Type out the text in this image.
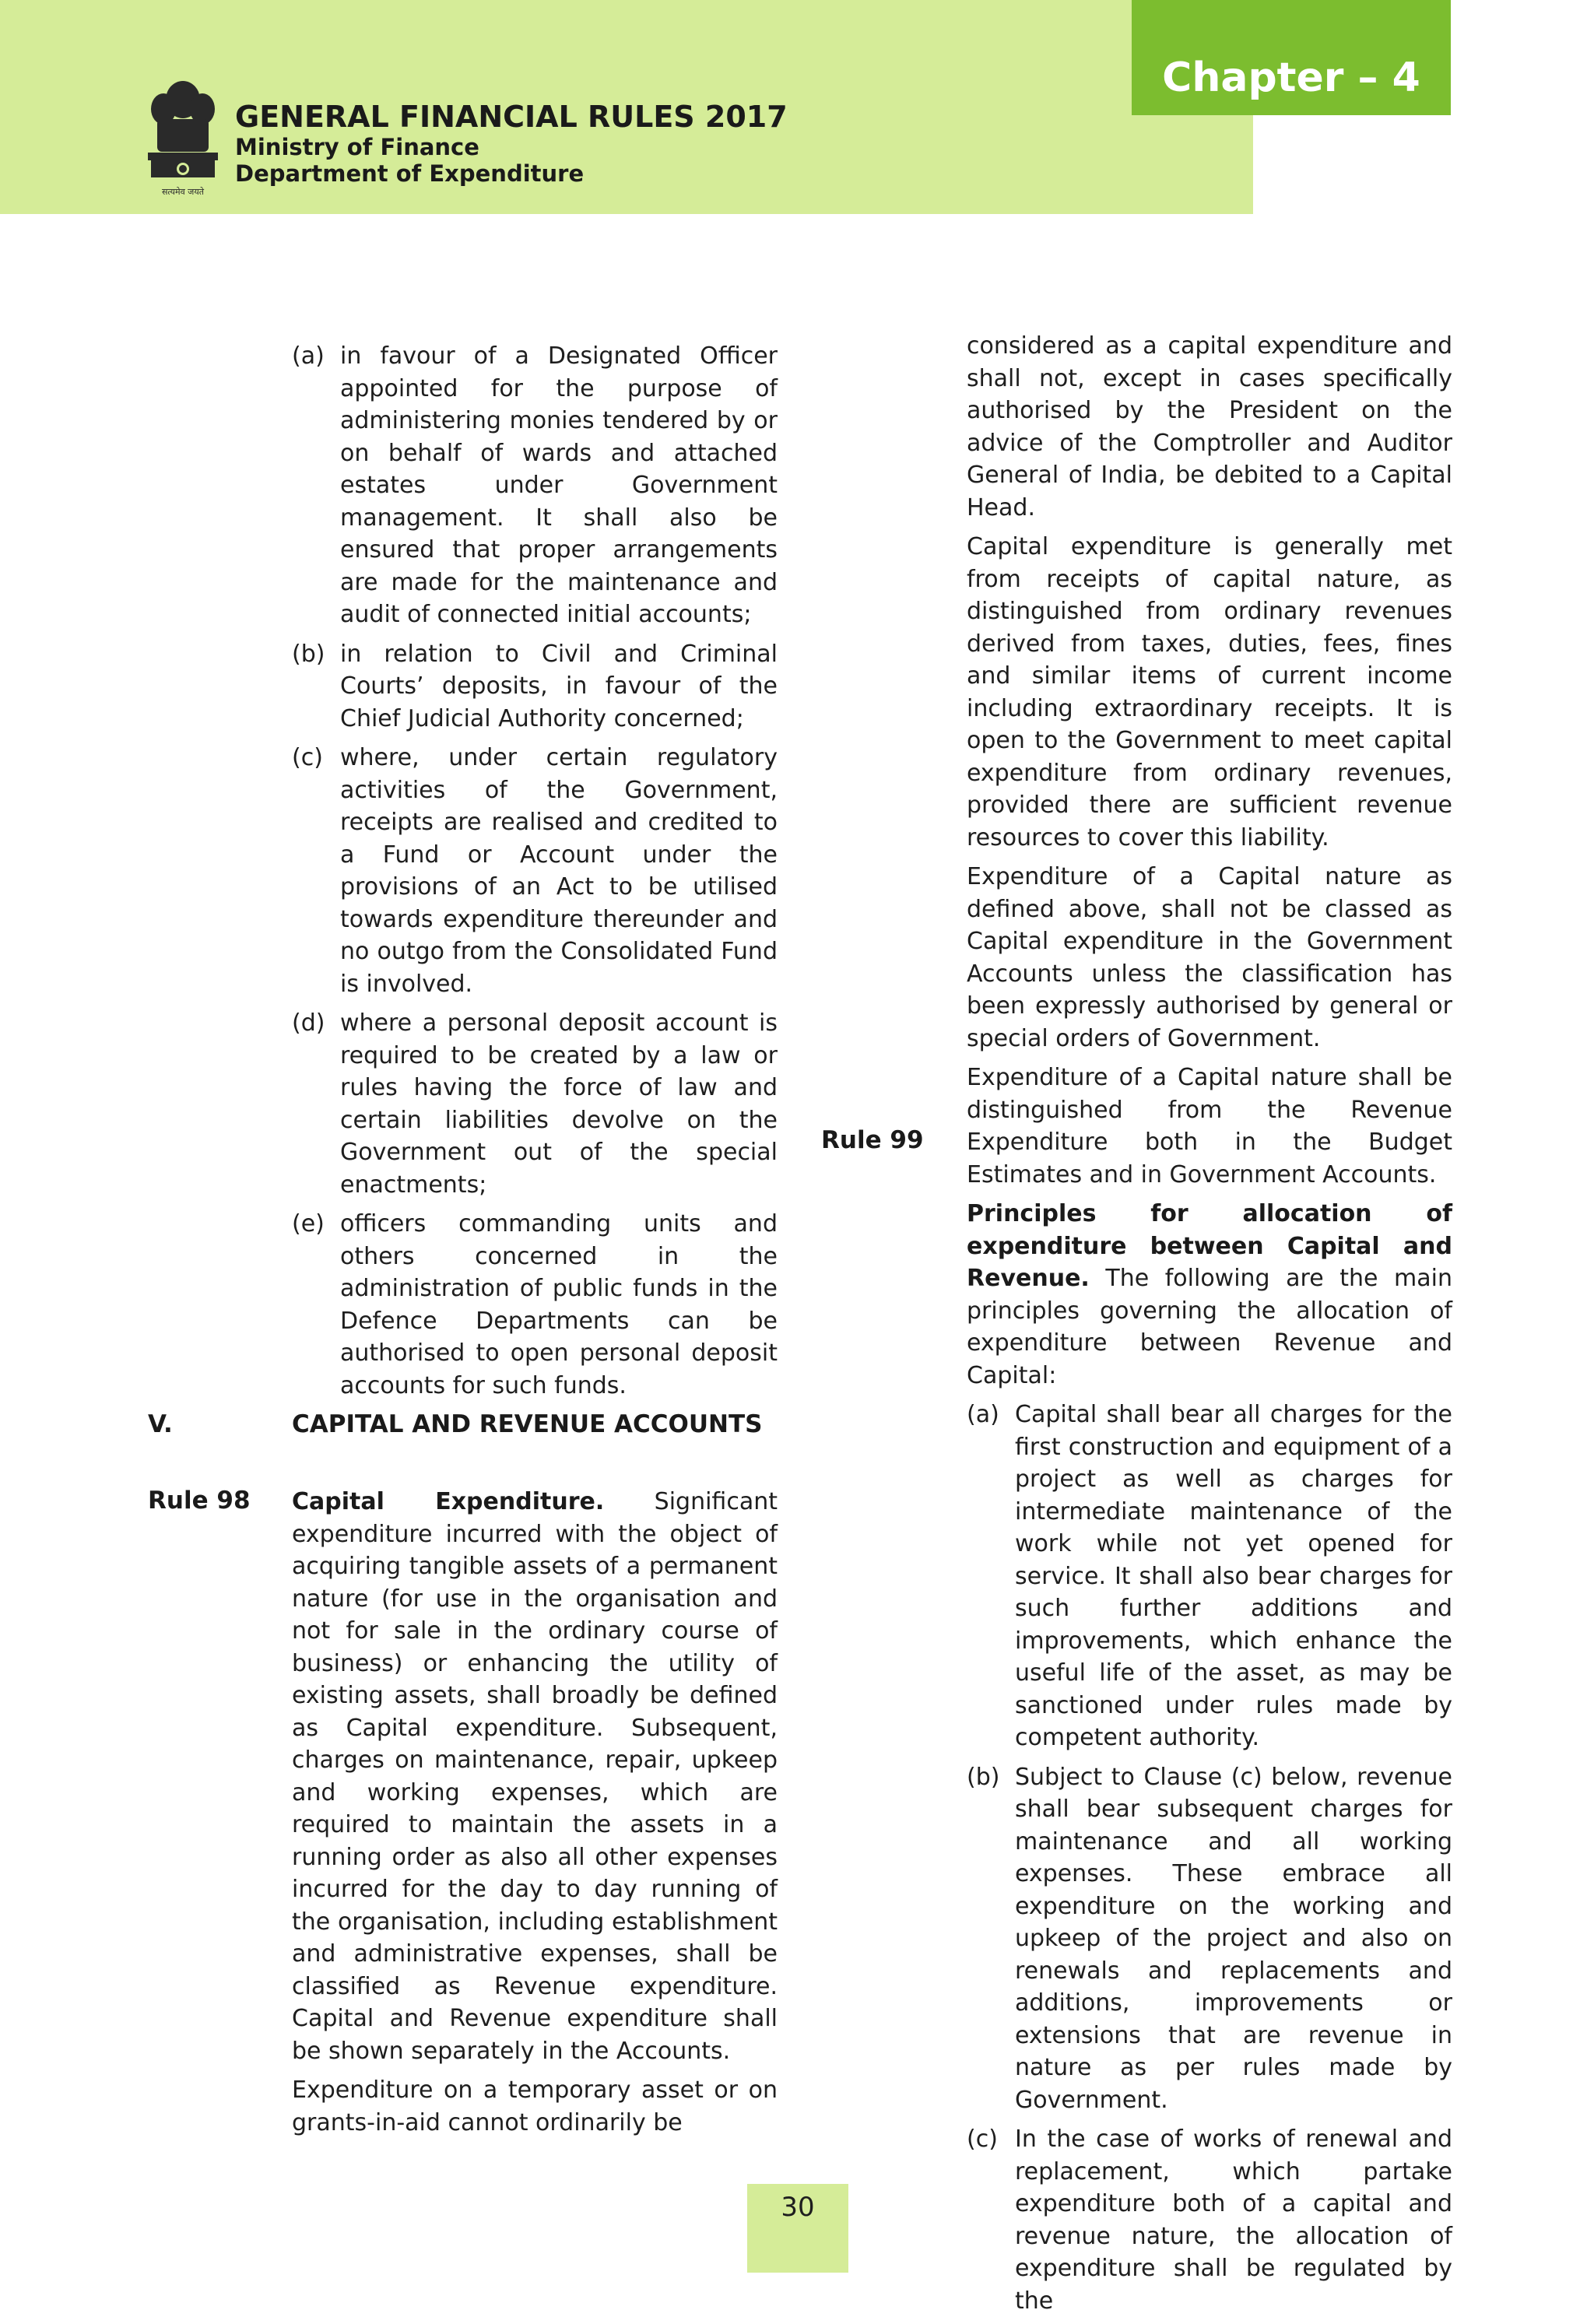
Chapter – 4
सत्यमेव जयते
GENERAL FINANCIAL RULES 2017
Ministry of Finance
Department of Expenditure
(a) in favour of a Designated Officer appointed for the purpose of administering monies tendered by or on behalf of wards and attached estates under Government management. It shall also be ensured that proper arrangements are made for the maintenance and audit of connected initial accounts;
(b) in relation to Civil and Criminal Courts’ deposits, in favour of the Chief Judicial Authority concerned;
(c) where, under certain regulatory activities of the Government, receipts are realised and credited to a Fund or Account under the provisions of an Act to be utilised towards expenditure thereunder and no outgo from the Consolidated Fund is involved.
(d) where a personal deposit account is required to be created by a law or rules having the force of law and certain liabilities devolve on the Government out of the special enactments;
(e) officers commanding units and others concerned in the administration of public funds in the Defence Departments can be authorised to open personal deposit accounts for such funds.
V.	CAPITAL AND REVENUE ACCOUNTS
Rule 98 Capital Expenditure. Significant expenditure incurred with the object of acquiring tangible assets of a permanent nature (for use in the organisation and not for sale in the ordinary course of business) or enhancing the utility of existing assets, shall broadly be defined as Capital expenditure. Subsequent, charges on maintenance, repair, upkeep and working expenses, which are required to maintain the assets in a running order as also all other expenses incurred for the day to day running of the organisation, including establishment and administrative expenses, shall be classified as Revenue expenditure. Capital and Revenue expenditure shall be shown separately in the Accounts.

Expenditure on a temporary asset or on grants-in-aid cannot ordinarily be

considered as a capital expenditure and shall not, except in cases specifically authorised by the President on the advice of the Comptroller and Auditor General of India, be debited to a Capital Head.

Capital expenditure is generally met from receipts of capital nature, as distinguished from ordinary revenues derived from taxes, duties, fees, fines and similar items of current income including extraordinary receipts. It is open to the Government to meet capital expenditure from ordinary revenues, provided there are sufficient revenue resources to cover this liability.

Expenditure of a Capital nature as defined above, shall not be classed as Capital expenditure in the Government Accounts unless the classification has been expressly authorised by general or special orders of Government.

Expenditure of a Capital nature shall be distinguished from the Revenue Expenditure both in the Budget Estimates and in Government Accounts.

Principles for allocation of expenditure between Capital and Revenue. The following are the main principles governing the allocation of expenditure between Revenue and Capital:

(a) Capital shall bear all charges for the first construction and equipment of a project as well as charges for intermediate maintenance of the work while not yet opened for service. It shall also bear charges for such further additions and improvements, which enhance the useful life of the asset, as may be sanctioned under rules made by competent authority.
(b) Subject to Clause (c) below, revenue shall bear subsequent charges for maintenance and all working expenses. These embrace all expenditure on the working and upkeep of the project and also on renewals and replacements and additions, improvements or extensions that are revenue in nature as per rules made by Government.
(c) In the case of works of renewal and replacement, which partake expenditure both of a capital and revenue nature, the allocation of expenditure shall be regulated by the
Rule 99
30
